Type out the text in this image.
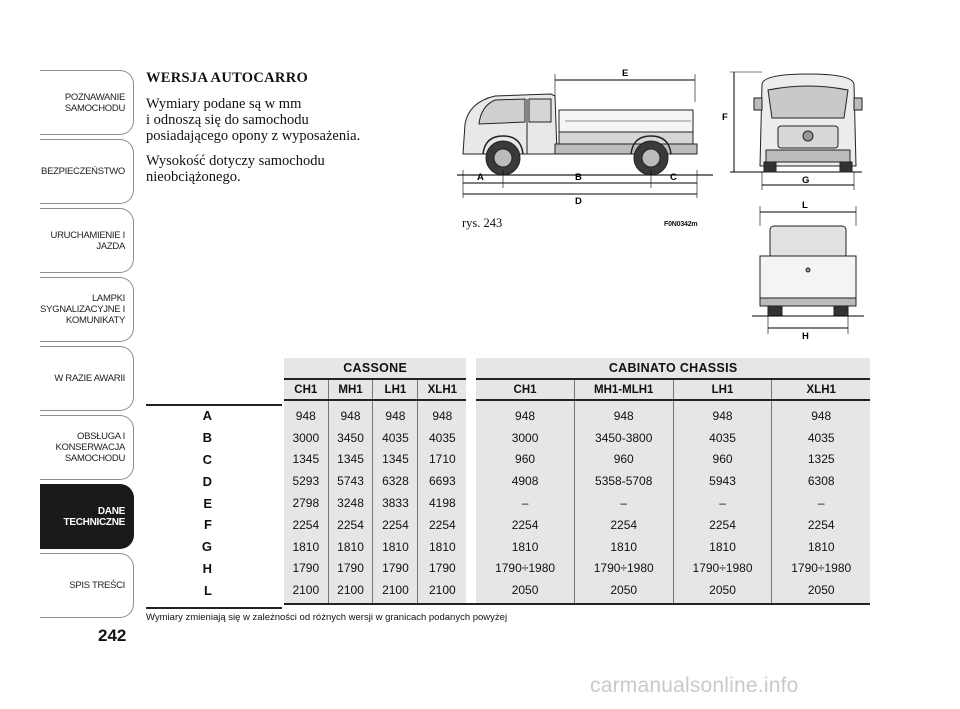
POZNAWANIE
SAMOCHODU
BEZPIECZEŃSTWO
URUCHAMIENIE I
JAZDA
LAMPKI
SYGNALIZACYJNE I
KOMUNIKATY
W RAZIE AWARII
OBSŁUGA I
KONSERWACJA
SAMOCHODU
DANE
TECHNICZNE
SPIS TREŚCI
242
WERSJA AUTOCARRO

Wymiary podane są w mm
i odnoszą się do samochodu
posiadającego opony z wyposażenia.

Wysokość dotyczy samochodu
nieobciążonego.

E
A	B	C
D
rys. 243	F0N0342m
F
G
L
H
	CASSONE					CABINATO CHASSIS			
	CH1	MH1	LH1	XLH1		CH1	MH1-MLH1	LH1	XLH1
A	948	948	948	948		948	948	948	948
B	3000	3450	4035	4035		3000	3450-3800	4035	4035
C	1345	1345	1345	1710		960	960	960	1325
D	5293	5743	6328	6693		4908	5358-5708	5943	6308
E	2798	3248	3833	4198		–	–	–	–
F	2254	2254	2254	2254		2254	2254	2254	2254
G	1810	1810	1810	1810		1810	1810	1810	1810
H	1790	1790	1790	1790		1790÷1980	1790÷1980	1790÷1980	1790÷1980
L	2100	2100	2100	2100		2050	2050	2050	2050
Wymiary zmieniają się w zależności od różnych wersji w granicach podanych powyżej
carmanualsonline.info
